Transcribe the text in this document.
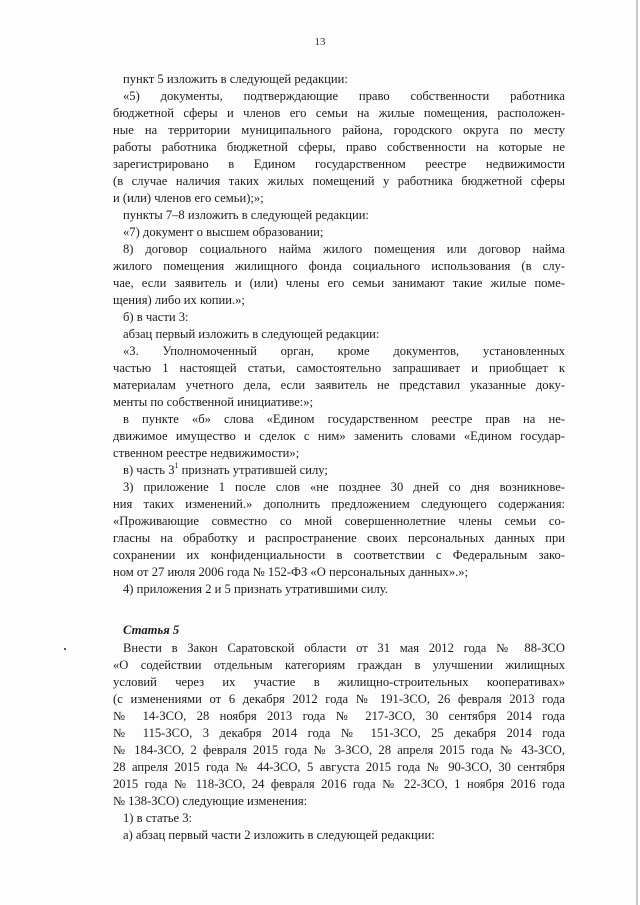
13
пункт 5 изложить в следующей редакции:
«5) документы, подтверждающие право собственности работника
бюджетной сферы и членов его семьи на жилые помещения, расположен-
ные на территории муниципального района, городского округа по месту
работы работника бюджетной сферы, право собственности на которые не
зарегистрировано в Едином государственном реестре недвижимости
(в случае наличия таких жилых помещений у работника бюджетной сферы
и (или) членов его семьи);»;
пункты 7–8 изложить в следующей редакции:
«7) документ о высшем образовании;
8) договор социального найма жилого помещения или договор найма
жилого помещения жилищного фонда социального использования (в слу-
чае, если заявитель и (или) члены его семьи занимают такие жилые поме-
щения) либо их копии.»;
б) в части 3:
абзац первый изложить в следующей редакции:
«3. Уполномоченный орган, кроме документов, установленных
частью 1 настоящей статьи, самостоятельно запрашивает и приобщает к
материалам учетного дела, если заявитель не представил указанные доку-
менты по собственной инициативе:»;
в пункте «б» слова «Едином государственном реестре прав на не-
движимое имущество и сделок с ним» заменить словами «Едином государ-
ственном реестре недвижимости»;
в) часть $3^1$ признать утратившей силу;
3) приложение 1 после слов «не позднее 30 дней со дня возникнове-
ния таких изменений.» дополнить предложением следующего содержания:
«Проживающие совместно со мной совершеннолетние члены семьи со-
гласны на обработку и распространение своих персональных данных при
сохранении их конфиденциальности в соответствии с Федеральным зако-
ном от 27 июля 2006 года № 152-ФЗ «О персональных данных».»;
4) приложения 2 и 5 признать утратившими силу.
Статья 5
Внести в Закон Саратовской области от 31 мая 2012 года № 88-ЗСО
«О содействии отдельным категориям граждан в улучшении жилищных
условий через их участие в жилищно-строительных кооперативах»
(с изменениями от 6 декабря 2012 года № 191-ЗСО, 26 февраля 2013 года
№ 14-ЗСО, 28 ноября 2013 года № 217-ЗСО, 30 сентября 2014 года
№ 115-ЗСО, 3 декабря 2014 года № 151-ЗСО, 25 декабря 2014 года
№ 184-ЗСО, 2 февраля 2015 года № 3-ЗСО, 28 апреля 2015 года № 43-ЗСО,
28 апреля 2015 года № 44-ЗСО, 5 августа 2015 года № 90-ЗСО, 30 сентября
2015 года № 118-ЗСО, 24 февраля 2016 года № 22-ЗСО, 1 ноября 2016 года
№ 138-ЗСО) следующие изменения:
1) в статье 3:
а) абзац первый части 2 изложить в следующей редакции:
